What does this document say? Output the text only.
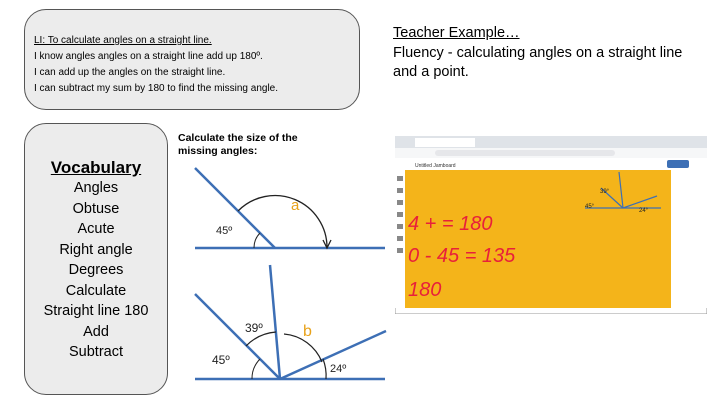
LI: To calculate angles on a straight line.
I know angles angles on a straight line add up 180º.
I can add up the angles on the straight line.
I can subtract my sum by 180 to find the missing angle.
Vocabulary
Angles
Obtuse
Acute
Right angle
Degrees
Calculate
Straight line 180
Add
Subtract
Calculate the size of the missing angles:
45º
a
39º
45º
24º
b
Teacher Example…
Fluency - calculating angles on a straight line and a point.
Untitled Jamboard
39°
45°
24°
4 + = 180
0 - 45 = 135
180
